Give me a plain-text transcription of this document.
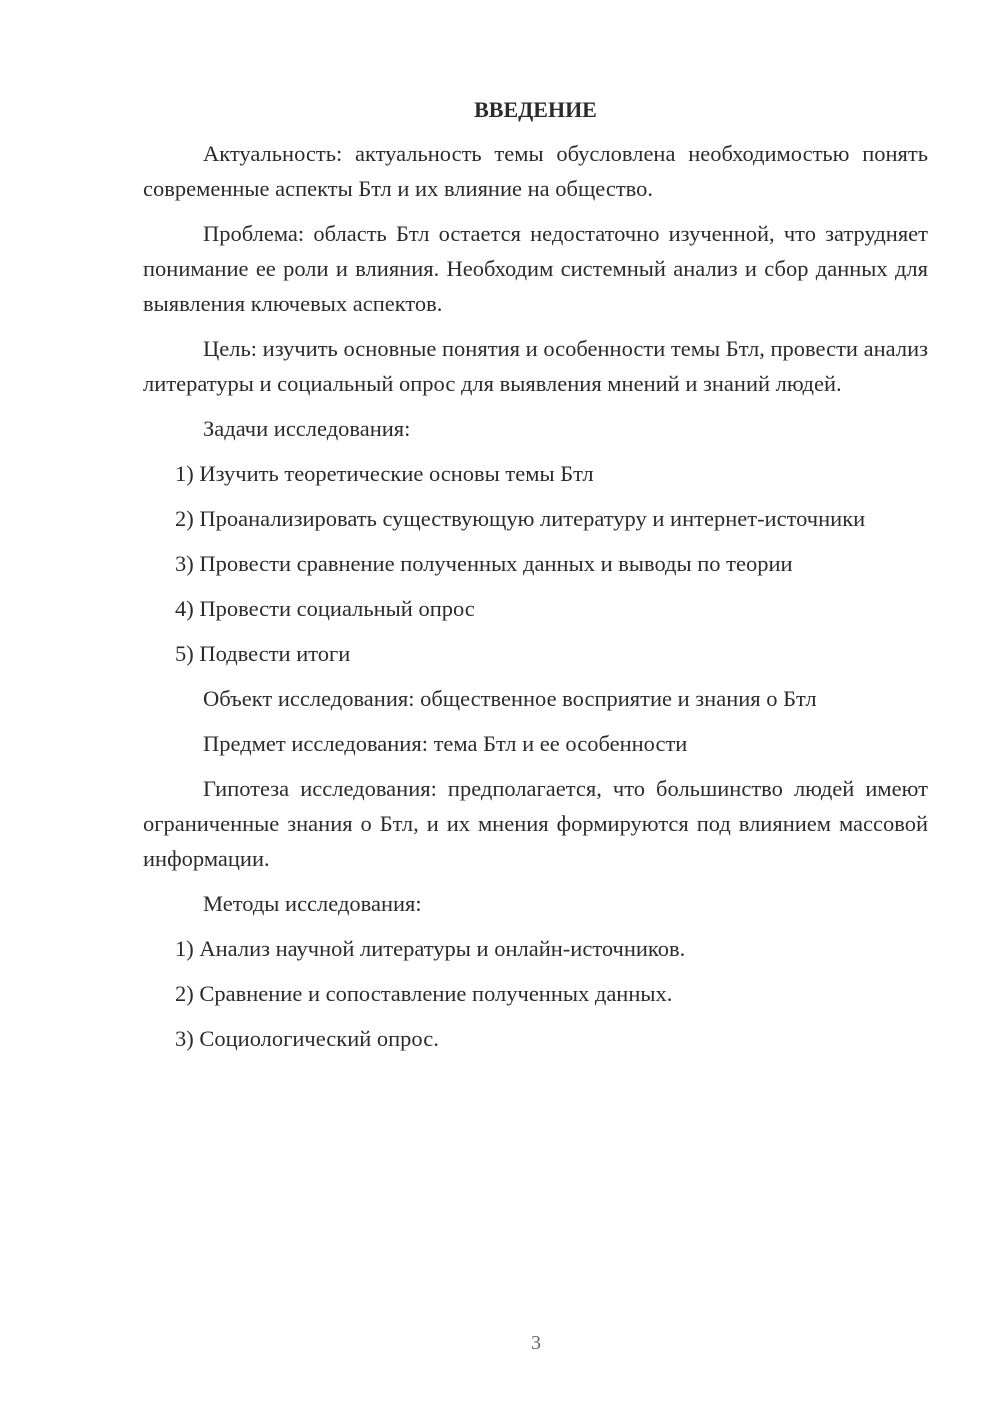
ВВЕДЕНИЕ

Актуальность: актуальность темы обусловлена необходимостью понять современные аспекты Бтл и их влияние на общество.

Проблема: область Бтл остается недостаточно изученной, что затрудняет понимание ее роли и влияния. Необходим системный анализ и сбор данных для выявления ключевых аспектов.

Цель: изучить основные понятия и особенности темы Бтл, провести анализ литературы и социальный опрос для выявления мнений и знаний людей.

Задачи исследования:

1) Изучить теоретические основы темы Бтл

2) Проанализировать существующую литературу и интернет-источники

3) Провести сравнение полученных данных и выводы по теории

4) Провести социальный опрос

5) Подвести итоги

Объект исследования: общественное восприятие и знания о Бтл

Предмет исследования: тема Бтл и ее особенности

Гипотеза исследования: предполагается, что большинство людей имеют ограниченные знания о Бтл, и их мнения формируются под влиянием массовой информации.

Методы исследования:

1) Анализ научной литературы и онлайн-источников.

2) Сравнение и сопоставление полученных данных.

3) Социологический опрос.

3
